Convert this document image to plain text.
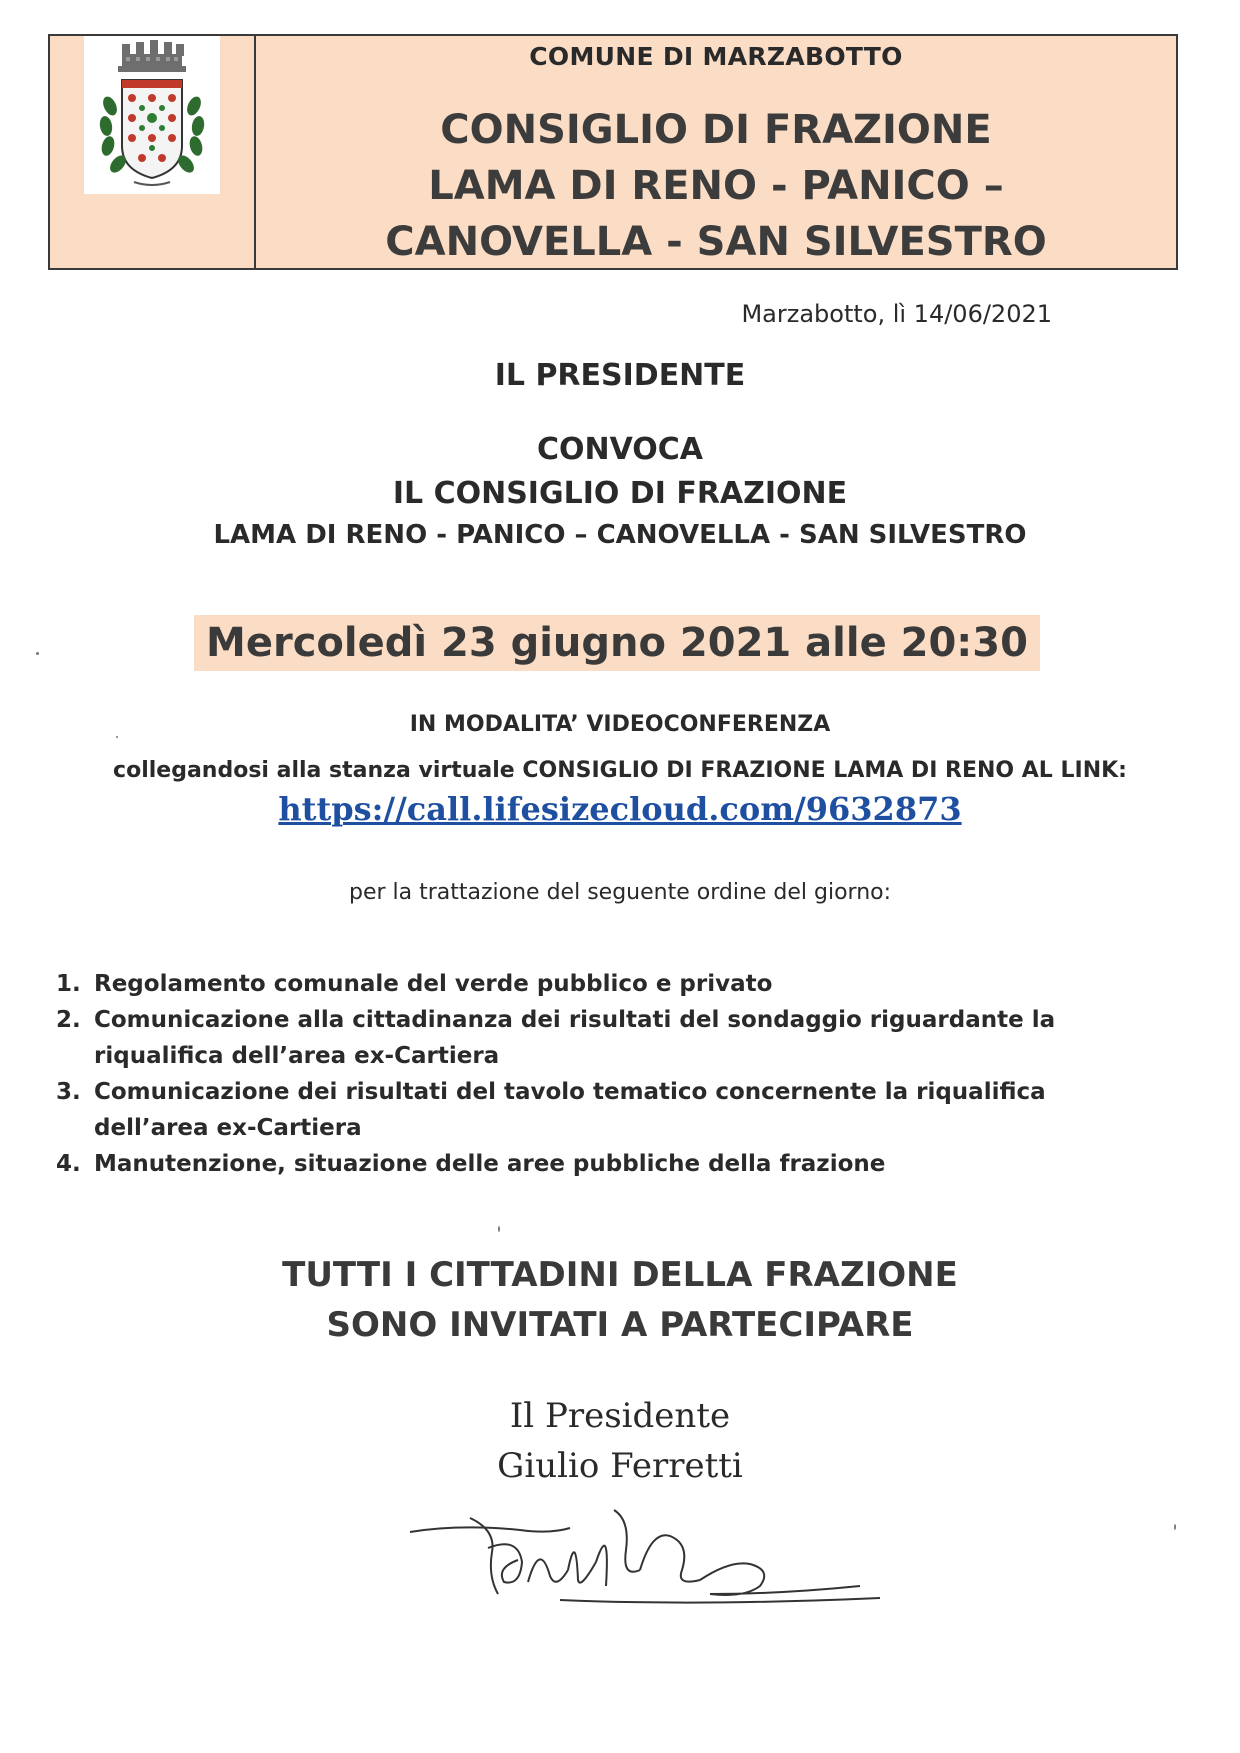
COMUNE DI MARZABOTTO
CONSIGLIO DI FRAZIONE
LAMA DI RENO - PANICO –
CANOVELLA - SAN SILVESTRO
Marzabotto, lì 14/06/2021
IL PRESIDENTE
CONVOCA
IL CONSIGLIO DI FRAZIONE
LAMA DI RENO - PANICO – CANOVELLA - SAN SILVESTRO
Mercoledì 23 giugno 2021 alle 20:30
IN MODALITA’ VIDEOCONFERENZA
collegandosi alla stanza virtuale CONSIGLIO DI FRAZIONE LAMA DI RENO AL LINK:
https://call.lifesizecloud.com/9632873
per la trattazione del seguente ordine del giorno:
1. Regolamento comunale del verde pubblico e privato
2. Comunicazione alla cittadinanza dei risultati del sondaggio riguardante la riqualifica dell’area ex-Cartiera
3. Comunicazione dei risultati del tavolo tematico concernente la riqualifica dell’area ex-Cartiera
4. Manutenzione, situazione delle aree pubbliche della frazione
TUTTI I CITTADINI DELLA FRAZIONE
SONO INVITATI A PARTECIPARE
Il Presidente
Giulio Ferretti
